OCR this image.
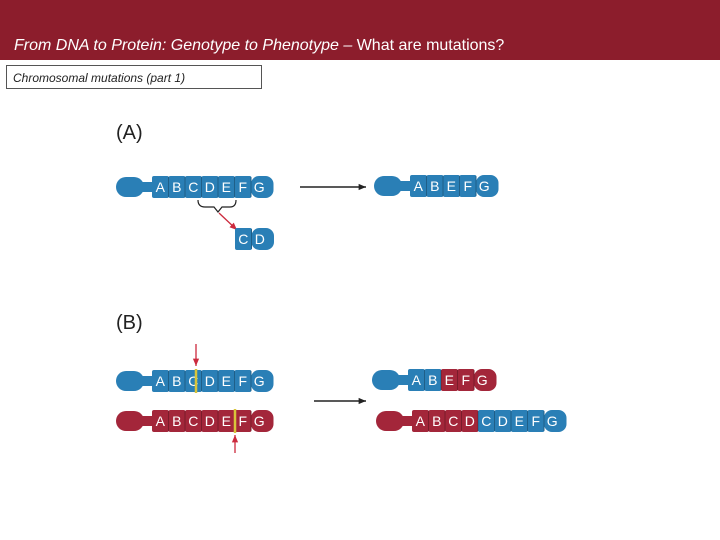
From DNA to Protein: Genotype to Phenotype – What are mutations?
Chromosomal mutations (part 1)
(A)
(B)
A B C D E F G
C D
A B E F G
A B C D E F G
A B C D E F G
A B E F G
A B C D C D E F G
